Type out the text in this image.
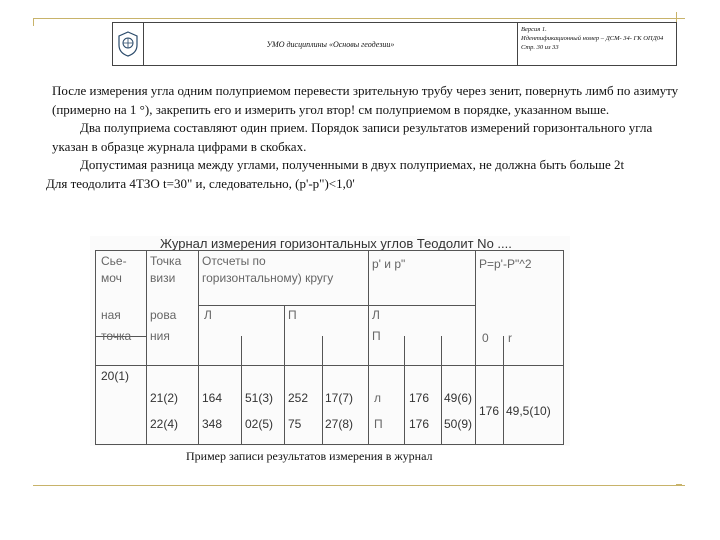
УМО дисциплины «Основы геодезии»
Версия 1.
Идентификационный номер – ДСМ- 34- ГК ОПД04
Стр. 30 из 33

После измерения угла одним полуприемом перевести зрительную трубу через зенит, повернуть лимб по азимуту (примерно на 1 °), закрепить его и измерить угол втор! см полуприемом в порядке, указанном выше.

Два полуприема составляют один прием. Порядок записи результатов измерений горизонтального угла указан в образце журнала цифрами в скобках.

Допустимая разница между углами, полученными в двух полуприемах, не должна быть больше 2t

Для теодолита 4ТЗО t=30" и, следовательно, (р'-р")<1,0'

Журнал измерения горизонтальных углов Теодолит No ....
Сье-
моч
ная
точка
Точка
визи
рова
ния
Отсчеты по
горизонтальному) кругу
Л	П
р' и р"
Л
П
Р=р'-Р"^2
0 r
20(1)
21(2) 164 51(3) 252 17(7) л 176 49(6)
22(4) 348 02(5) 75 27(8) П 176 50(9)
176 49,5(10)
Пример записи результатов измерения в журнал
